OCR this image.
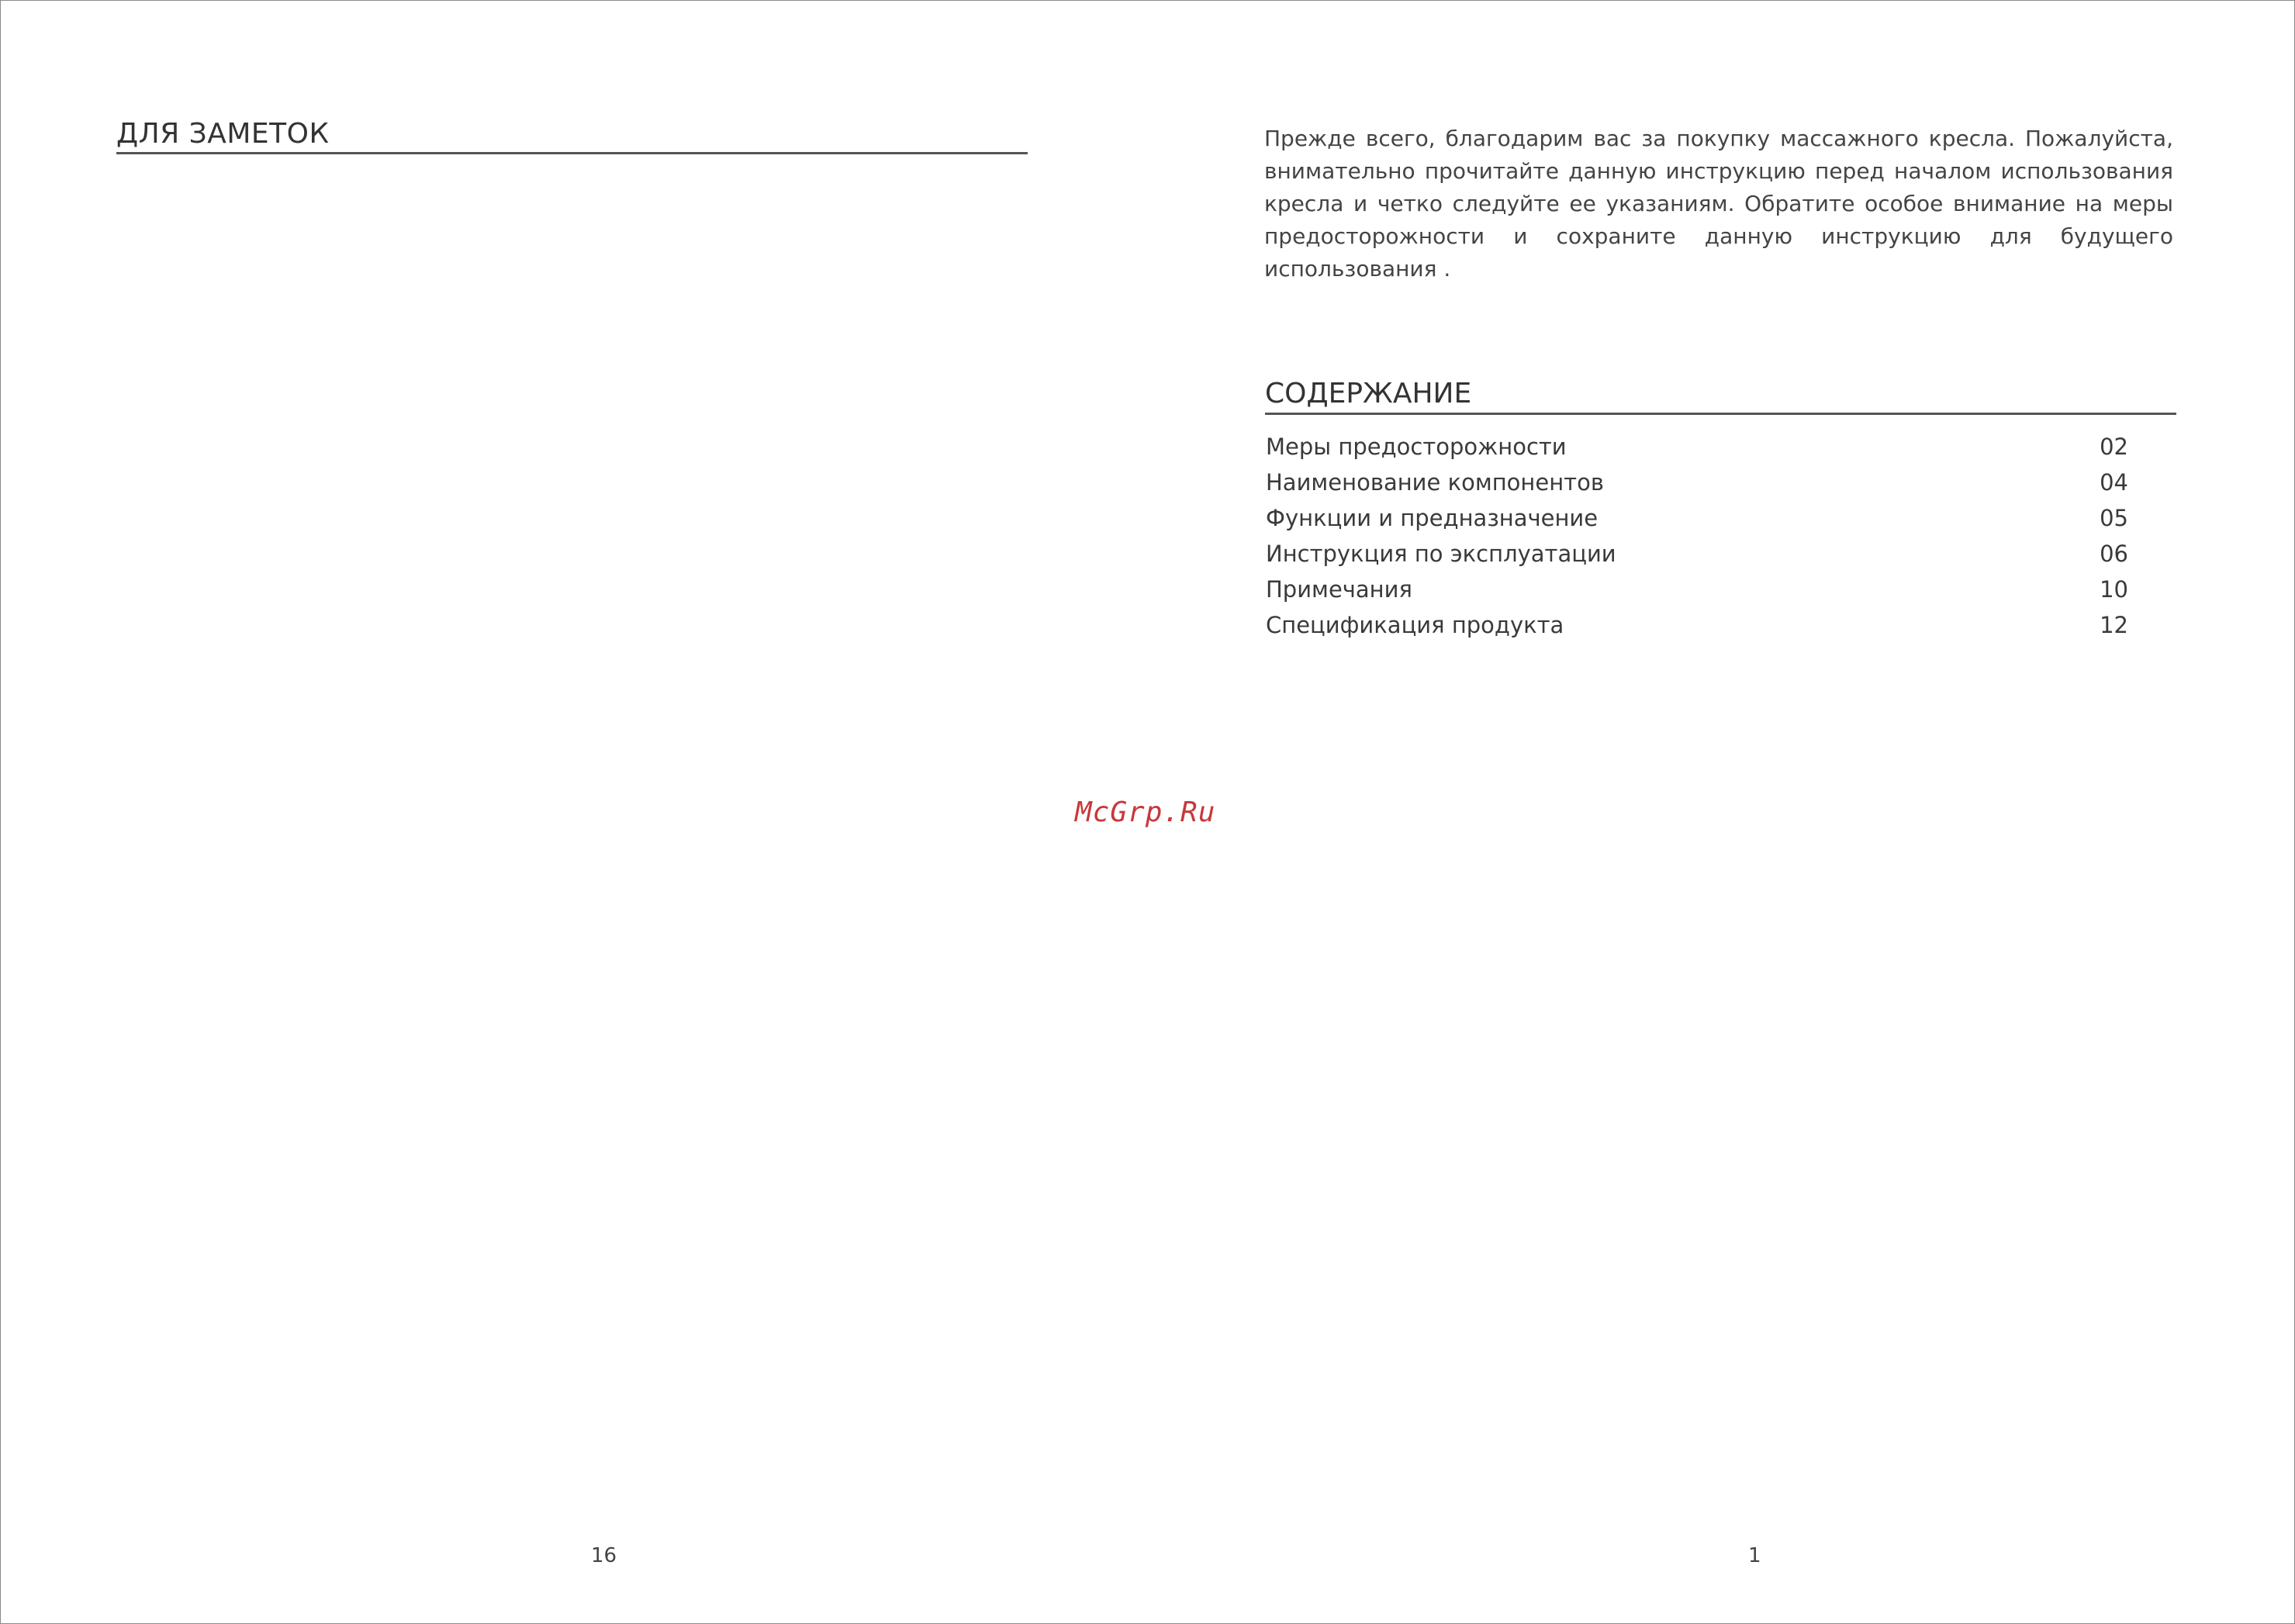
ДЛЯ ЗАМЕТОК	Прежде всего, благодарим вас за покупку массажного кресла. Пожалуйста, внимательно прочитайте данную инструкцию перед началом использования кресла и четко следуйте ее указаниям. Обратите особое внимание на меры предосторожности и сохраните данную инструкцию для будущего использования .
СОДЕРЖАНИЕ
Меры предосторожности	02
Наименование компонентов	04
Функции и предназначение	05
Инструкция по эксплуатации	06
Примечания	10
Спецификация продукта	12
McGrp.Ru
16	1
